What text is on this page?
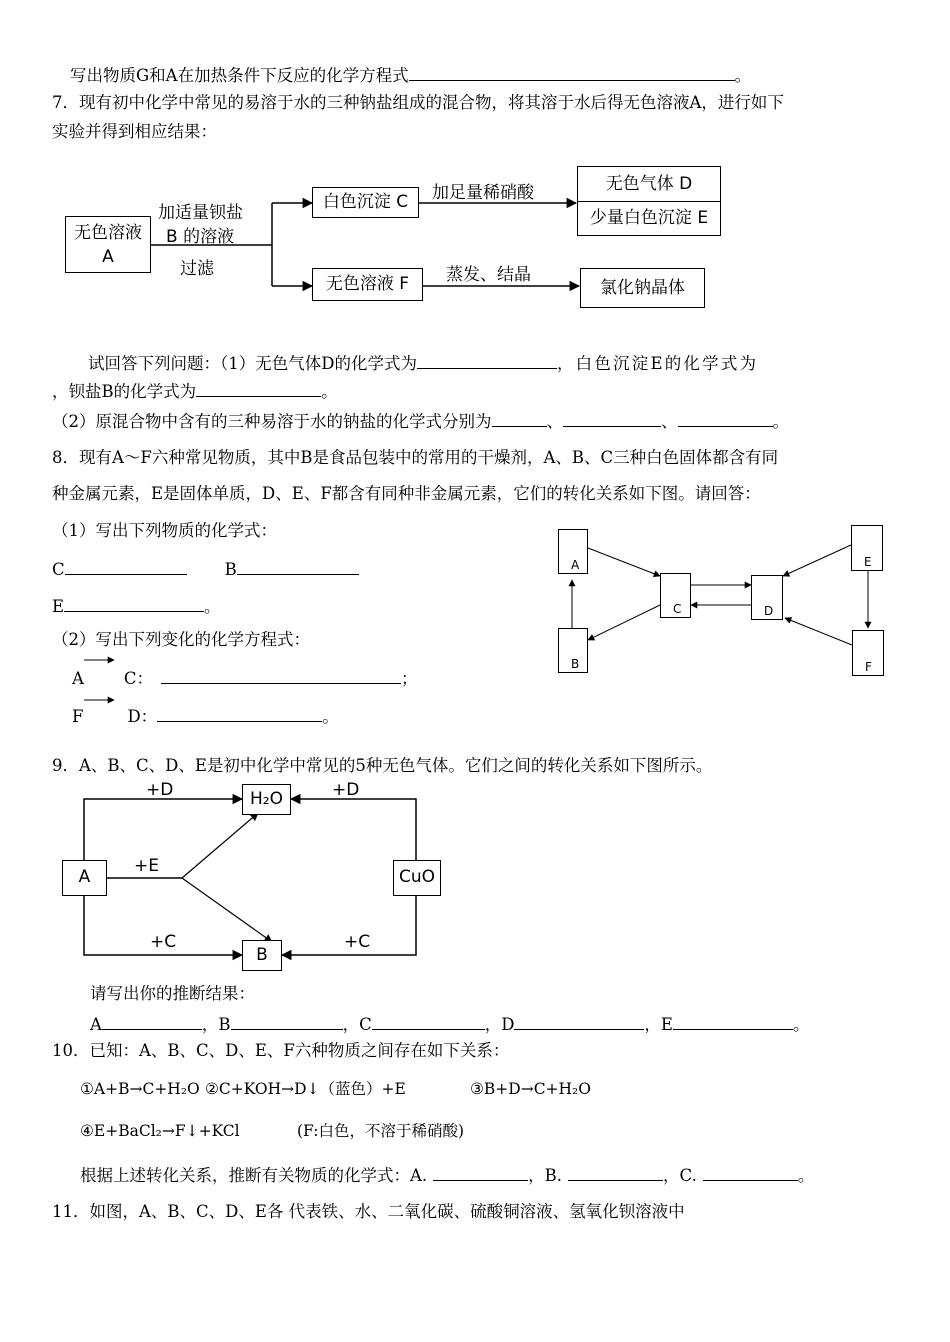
写出物质G和A在加热条件下反应的化学方程式	。
7．现有初中化学中常见的易溶于水的三种钠盐组成的混合物，将其溶于水后得无色溶液A，进行如下
实验并得到相应结果：
无色溶液
A
加适量钡盐
B 的溶液
过滤
白色沉淀 C	加足量稀硝酸	无色气体 D
少量白色沉淀 E
无色溶液 F	蒸发、结晶
氯化钠晶体
试回答下列问题：（1）无色气体D的化学式为	，白色沉淀E的化学式为
，钡盐B的化学式为	。
（2）原混合物中含有的三种易溶于水的钠盐的化学式分别为	、	、	。
8．现有A～F六种常见物质，其中B是食品包装中的常用的干燥剂，A、B、C三种白色固体都含有同
种金属元素，E是固体单质，D、E、F都含有同种非金属元素，它们的转化关系如下图。请回答：
（1）写出下列物质的化学式：
C	B
E	。
（2）写出下列变化的化学方程式：
A C：	；
F	D：	。
A
B
C	D
E
F
9．A、B、C、D、E是初中化学中常见的5种无色气体。它们之间的转化关系如下图所示。
A
H₂O
B
CuO
+D	+D
+E
+C	+C
请写出你的推断结果：
A	，B	，C	，D	，E	。
10．已知：A、B、C、D、E、F六种物质之间存在如下关系：
①A+B→C+H₂O ②C+KOH→D↓（蓝色）+E	③B+D→C+H₂O
④E+BaCl₂→F↓+KCl	(F:白色，不溶于稀硝酸)
根据上述转化关系，推断有关物质的化学式：A.	，B.	，C.	。
11．如图，A、B、C、D、E各 代表铁、水、二氧化碳、硫酸铜溶液、氢氧化钡溶液中
